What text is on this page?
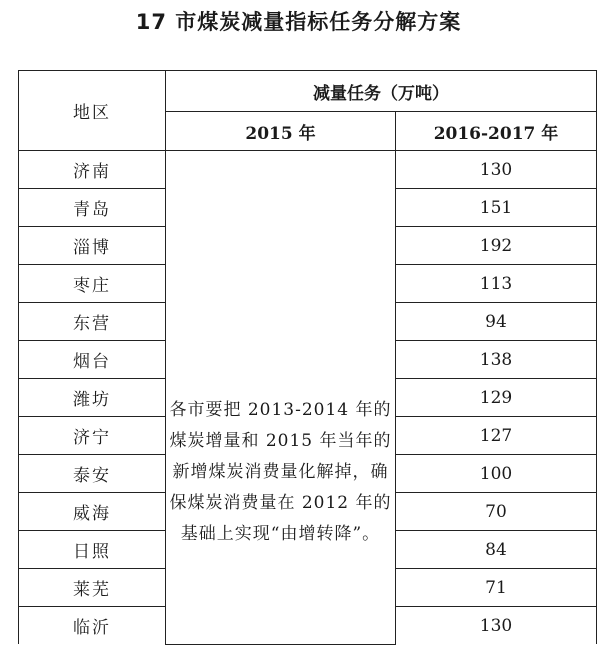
17 市煤炭减量指标任务分解方案
地区	减量任务（万吨）	
	2015 年	2016-2017 年
济南	各市要把 2013-2014 年的煤炭增量和 2015 年当年的新增煤炭消费量化解掉，确保煤炭消费量在 2012 年的基础上实现“由增转降”。	130
青岛		151
淄博		192
枣庄		113
东营		94
烟台		138
潍坊		129
济宁		127
泰安		100
威海		70
日照		84
莱芜		71
临沂		130
